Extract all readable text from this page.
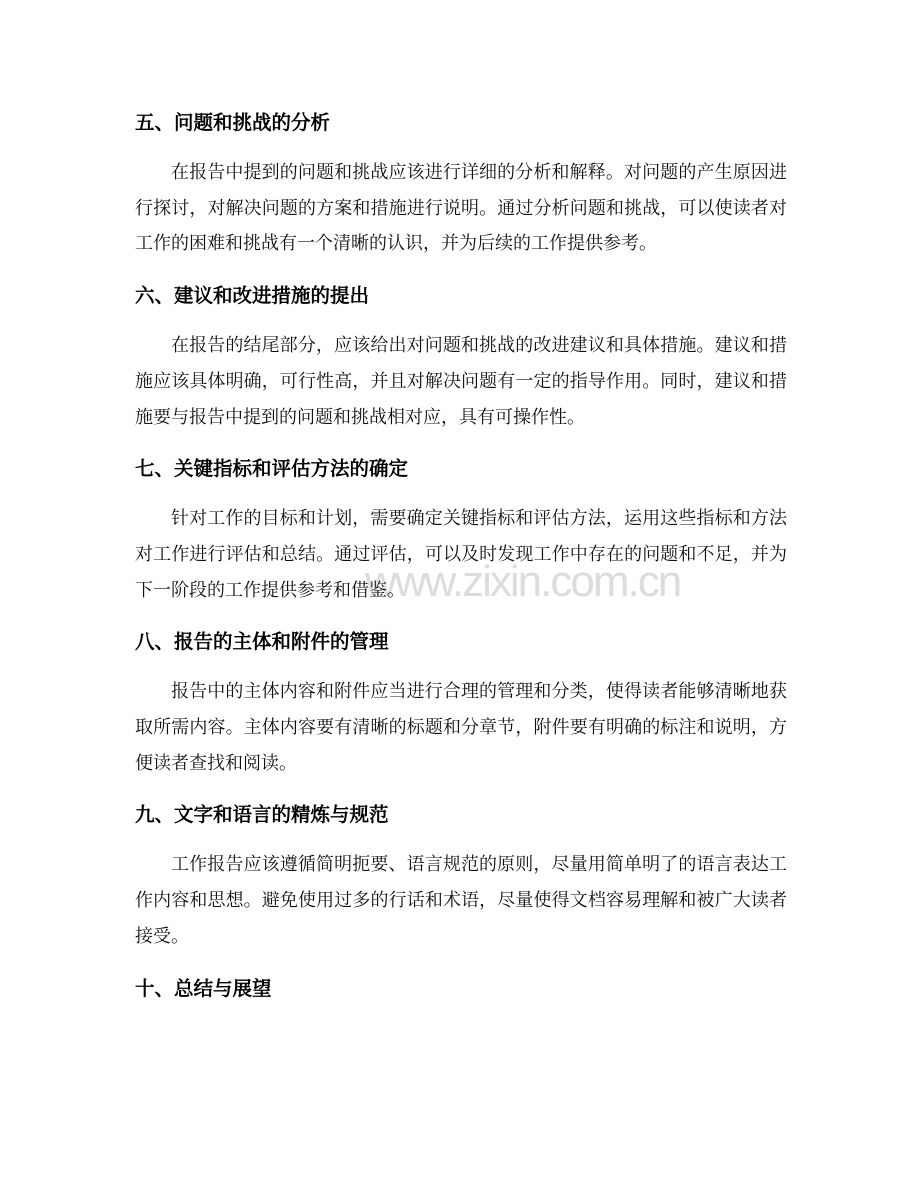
www.zixin.com.cn
五、问题和挑战的分析
在报告中提到的问题和挑战应该进行详细的分析和解释。对问题的产生原因进
行探讨，对解决问题的方案和措施进行说明。通过分析问题和挑战，可以使读者对
工作的困难和挑战有一个清晰的认识，并为后续的工作提供参考。
六、建议和改进措施的提出
在报告的结尾部分，应该给出对问题和挑战的改进建议和具体措施。建议和措
施应该具体明确，可行性高，并且对解决问题有一定的指导作用。同时，建议和措
施要与报告中提到的问题和挑战相对应，具有可操作性。
七、关键指标和评估方法的确定
针对工作的目标和计划，需要确定关键指标和评估方法，运用这些指标和方法
对工作进行评估和总结。通过评估，可以及时发现工作中存在的问题和不足，并为
下一阶段的工作提供参考和借鉴。
八、报告的主体和附件的管理
报告中的主体内容和附件应当进行合理的管理和分类，使得读者能够清晰地获
取所需内容。主体内容要有清晰的标题和分章节，附件要有明确的标注和说明，方
便读者查找和阅读。
九、文字和语言的精炼与规范
工作报告应该遵循简明扼要、语言规范的原则，尽量用简单明了的语言表达工
作内容和思想。避免使用过多的行话和术语，尽量使得文档容易理解和被广大读者
接受。
十、总结与展望
